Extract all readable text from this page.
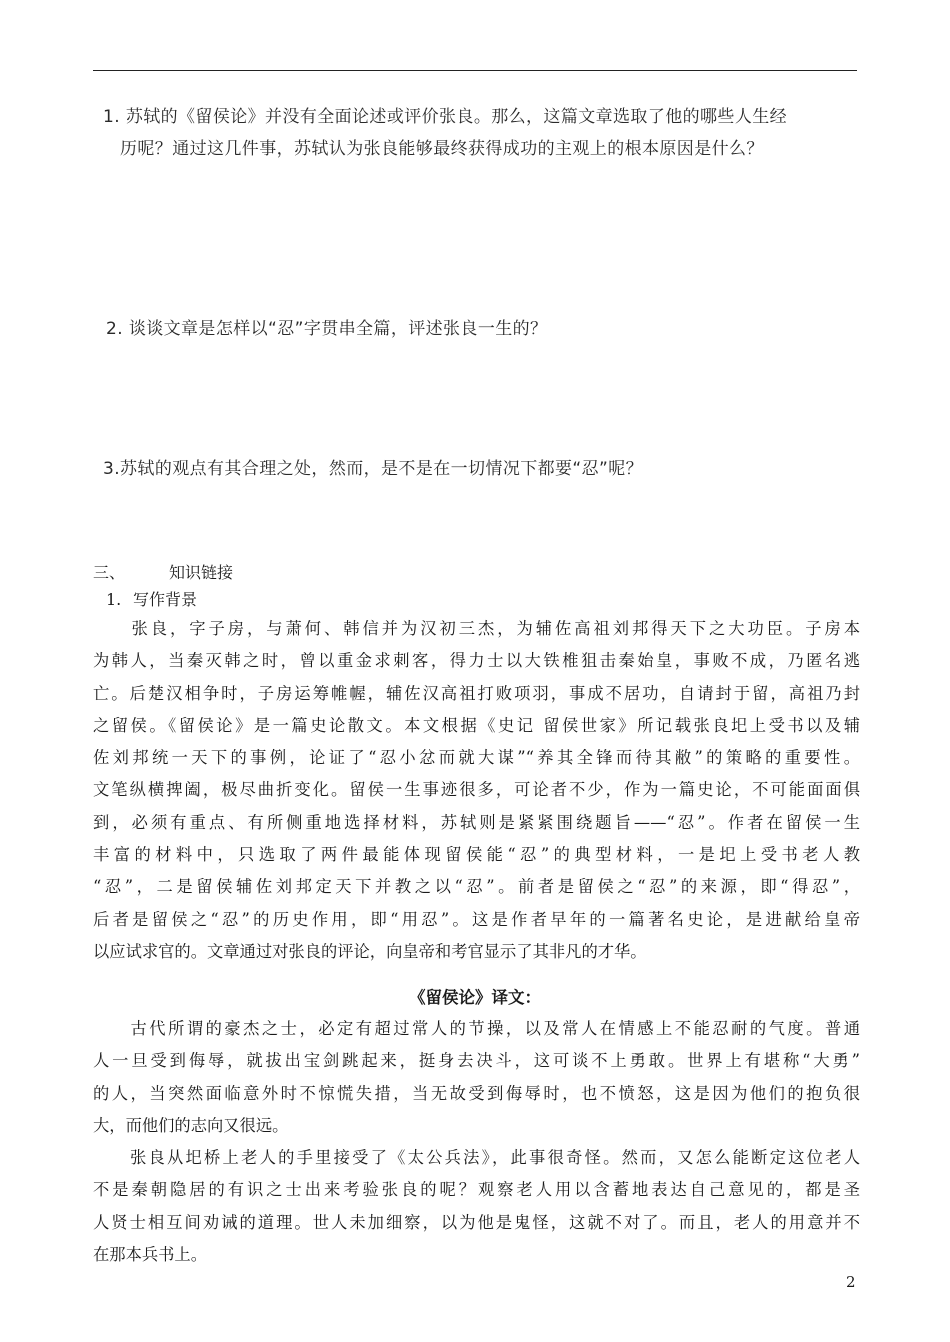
1. 苏轼的《留侯论》并没有全面论述或评价张良。那么，这篇文章选取了他的哪些人生经
历呢？通过这几件事，苏轼认为张良能够最终获得成功的主观上的根本原因是什么？
2. 谈谈文章是怎样以“忍”字贯串全篇，评述张良一生的？
3.苏轼的观点有其合理之处，然而，是不是在一切情况下都要“忍”呢？
三、	知识链接
1. 写作背景
　　张良，字子房，与萧何、韩信并为汉初三杰，为辅佐高祖刘邦得天下之大功臣。子房本
为韩人，当秦灭韩之时，曾以重金求刺客，得力士以大铁椎狙击秦始皇，事败不成，乃匿名逃
亡。后楚汉相争时，子房运筹帷幄，辅佐汉高祖打败项羽，事成不居功，自请封于留，高祖乃封
之留侯。《留侯论》是一篇史论散文。本文根据《史记 留侯世家》所记载张良圯上受书以及辅
佐刘邦统一天下的事例，论证了“忍小忿而就大谋”“养其全锋而待其敝”的策略的重要性。
文笔纵横捭阖，极尽曲折变化。留侯一生事迹很多，可论者不少，作为一篇史论，不可能面面俱
到，必须有重点、有所侧重地选择材料，苏轼则是紧紧围绕题旨——“忍”。作者在留侯一生
丰富的材料中，只选取了两件最能体现留侯能“忍”的典型材料，一是圯上受书老人教
“忍”，二是留侯辅佐刘邦定天下并教之以“忍”。前者是留侯之“忍”的来源，即“得忍”，
后者是留侯之“忍”的历史作用，即“用忍”。这是作者早年的一篇著名史论，是进献给皇帝
以应试求官的。文章通过对张良的评论，向皇帝和考官显示了其非凡的才华。
《留侯论》译文：
　　古代所谓的豪杰之士，必定有超过常人的节操，以及常人在情感上不能忍耐的气度。普通
人一旦受到侮辱，就拔出宝剑跳起来，挺身去决斗，这可谈不上勇敢。世界上有堪称“大勇”
的人，当突然面临意外时不惊慌失措，当无故受到侮辱时，也不愤怒，这是因为他们的抱负很
大，而他们的志向又很远。
　　张良从圯桥上老人的手里接受了《太公兵法》，此事很奇怪。然而，又怎么能断定这位老人
不是秦朝隐居的有识之士出来考验张良的呢？观察老人用以含蓄地表达自己意见的，都是圣
人贤士相互间劝诫的道理。世人未加细察，以为他是鬼怪，这就不对了。而且，老人的用意并不
在那本兵书上。
2
